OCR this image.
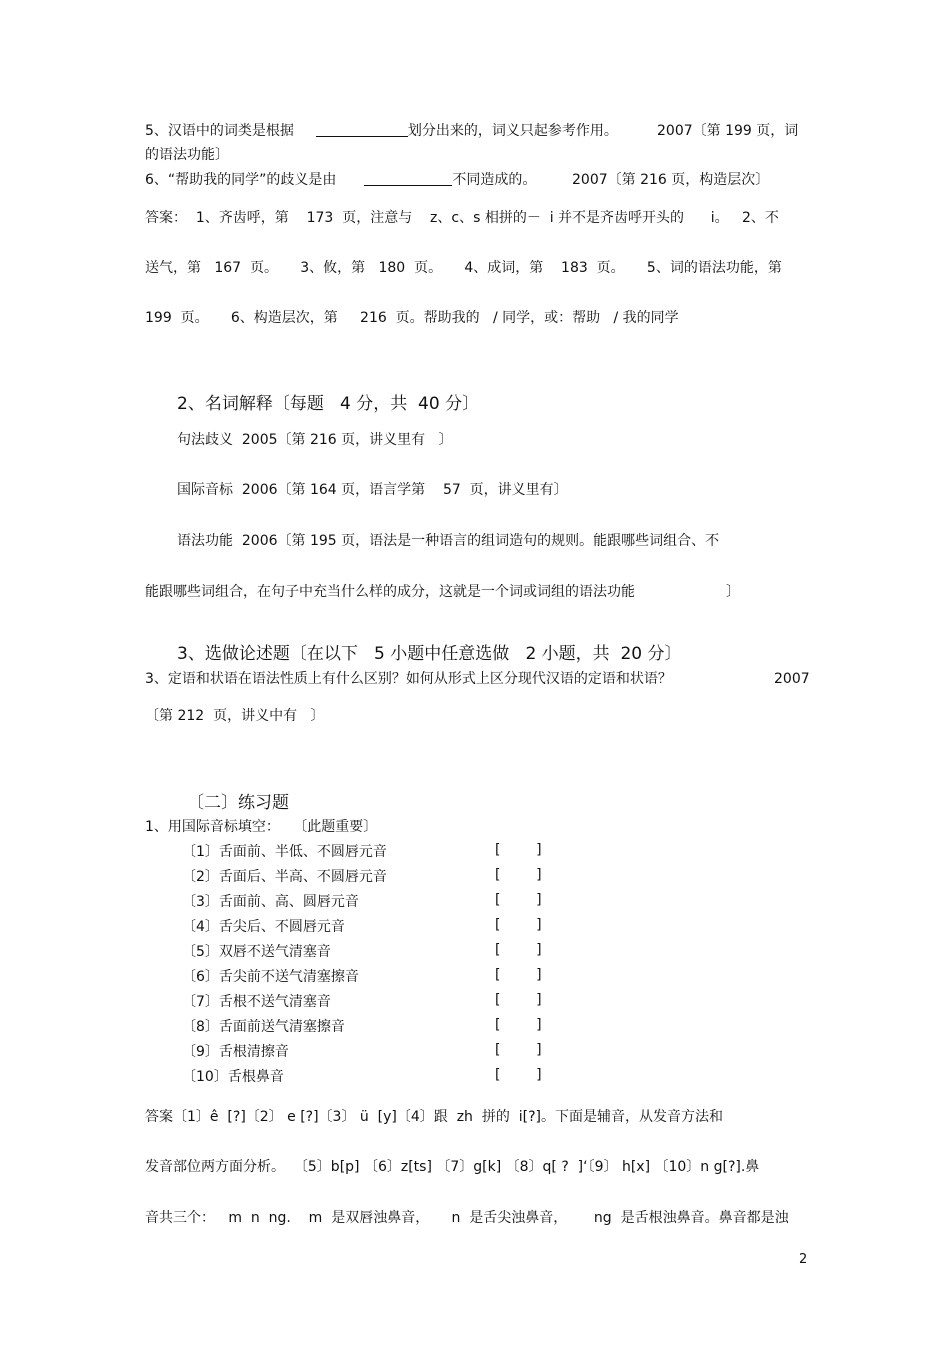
5、汉语中的词类是根据	划分出来的，词义只起参考作用。	2007〔第 199 页，词
的语法功能〕
6、“帮助我的同学”的歧义是由	不同造成的。	2007〔第 216 页，构造层次〕
答案：  1、齐齿呼，第    173  页，注意与    z、c、s 相拼的－  i 并不是齐齿呼开头的      i。   2、不
送气，第   167  页。     3、攸，第   180  页。     4、成词，第    183  页。     5、词的语法功能，第
199  页。     6、构造层次，第     216  页。帮助我的   / 同学，或：帮助   / 我的同学
2、名词解释〔每题   4 分，共  40 分〕
句法歧义  2005〔第 216 页，讲义里有   〕
国际音标  2006〔第 164 页，语言学第    57  页，讲义里有〕
语法功能  2006〔第 195 页，语法是一种语言的组词造句的规则。能跟哪些词组合、不
能跟哪些词组合，在句子中充当什么样的成分，这就是一个词或词组的语法功能	〕
3、选做论述题〔在以下   5 小题中任意选做   2 小题，共  20 分〕
3、定语和状语在语法性质上有什么区别？如何从形式上区分现代汉语的定语和状语？	2007
〔第 212  页，讲义中有   〕
〔二〕练习题
1、用国际音标填空：   〔此题重要〕
〔1〕舌面前、半低、不圆唇元音	[        ]
〔2〕舌面后、半高、不圆唇元音	[        ]
〔3〕舌面前、高、圆唇元音	[        ]
〔4〕舌尖后、不圆唇元音	[        ]
〔5〕双唇不送气清塞音	[        ]
〔6〕舌尖前不送气清塞擦音	[        ]
〔7〕舌根不送气清塞音	[        ]
〔8〕舌面前送气清塞擦音	[        ]
〔9〕舌根清擦音	[        ]
〔10〕舌根鼻音	[        ]
答案〔1〕ê  [?]〔2〕 e [?]〔3〕 ü  [y]〔4〕跟  zh  拼的  i[?]。下面是辅音，从发音方法和
发音部位两方面分析。  〔5〕b[p] 〔6〕z[ts] 〔7〕g[k] 〔8〕q[ ?  ]‘〔9〕 h[x] 〔10〕n g[?].鼻
音共三个：   m  n  ng.    m  是双唇浊鼻音，     n  是舌尖浊鼻音，      ng  是舌根浊鼻音。鼻音都是浊
2
